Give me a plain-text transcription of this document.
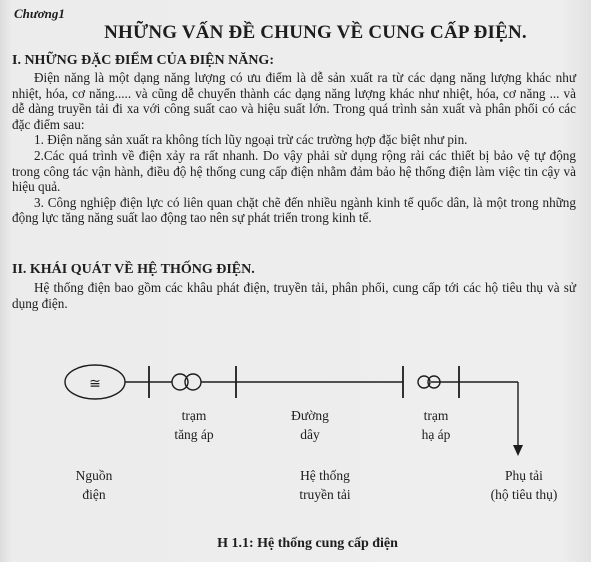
Chương1
NHỮNG VẤN ĐỀ CHUNG VỀ CUNG CẤP ĐIỆN.
I. NHỮNG ĐẶC ĐIỂM CỦA ĐIỆN NĂNG:

Điện năng là một dạng năng lượng có ưu điểm là dễ sản xuất ra từ các dạng năng lượng khác như nhiệt, hóa, cơ năng..... và cũng dễ chuyển thành các dạng năng lượng khác như nhiệt, hóa, cơ năng ... và dễ dàng truyền tải đi xa với công suất cao và hiệu suất lớn. Trong quá trình sản xuất và phân phối có các đặc điểm sau:

1. Điện năng sản xuất ra không tích lũy ngoại trừ các trường hợp đặc biệt như pin.

2.Các quá trình về điện xảy ra rất nhanh. Do vậy phải sử dụng rộng rải các thiết bị bảo vệ tự động trong công tác vận hành, điều độ hệ thống cung cấp điện nhằm đảm bảo hệ thống điện làm việc tin cậy và hiệu quả.

3. Công nghiệp điện lực có liên quan chặt chẽ đến nhiều ngành kinh tế quốc dân, là một trong những động lực tăng năng suất lao động tao nên sự phát triển trong kinh tế.

II. KHÁI QUÁT VỀ HỆ THỐNG ĐIỆN.

Hệ thống điện bao gồm các khâu phát điện, truyền tải, phân phối, cung cấp tới các hộ tiêu thụ và sử dụng điện.

≅
trạm
tăng áp
Đường
dây
trạm
hạ áp
Nguồn
điện
Hệ thống
truyền tải
Phụ tải
(hộ tiêu thụ)
H 1.1: Hệ thống cung cấp điện
